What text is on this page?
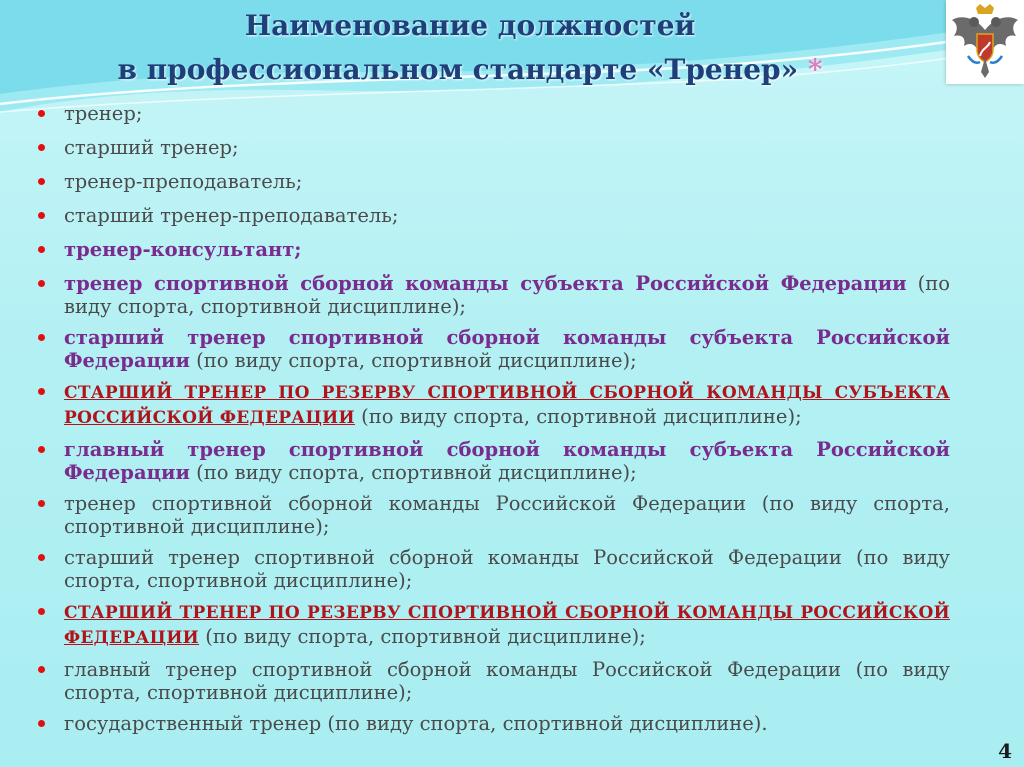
Наименование должностей
в профессиональном стандарте «Тренер» *
тренер;
старший тренер;
тренер-преподаватель;
старший тренер-преподаватель;
тренер-консультант;
тренер спортивной сборной команды субъекта Российской Федерации (по виду спорта, спортивной дисциплине);
старший тренер спортивной сборной команды субъекта Российской Федерации (по виду спорта, спортивной дисциплине);
СТАРШИЙ ТРЕНЕР ПО РЕЗЕРВУ СПОРТИВНОЙ СБОРНОЙ КОМАНДЫ СУБЪЕКТА РОССИЙСКОЙ ФЕДЕРАЦИИ (по виду спорта, спортивной дисциплине);
главный тренер спортивной сборной команды субъекта Российской Федерации (по виду спорта, спортивной дисциплине);
тренер спортивной сборной команды Российской Федерации (по виду спорта, спортивной дисциплине);
старший тренер спортивной сборной команды Российской Федерации (по виду спорта, спортивной дисциплине);
СТАРШИЙ ТРЕНЕР ПО РЕЗЕРВУ СПОРТИВНОЙ СБОРНОЙ КОМАНДЫ РОССИЙСКОЙ ФЕДЕРАЦИИ (по виду спорта, спортивной дисциплине);
главный тренер спортивной сборной команды Российской Федерации (по виду спорта, спортивной дисциплине);
государственный тренер (по виду спорта, спортивной дисциплине).
4
